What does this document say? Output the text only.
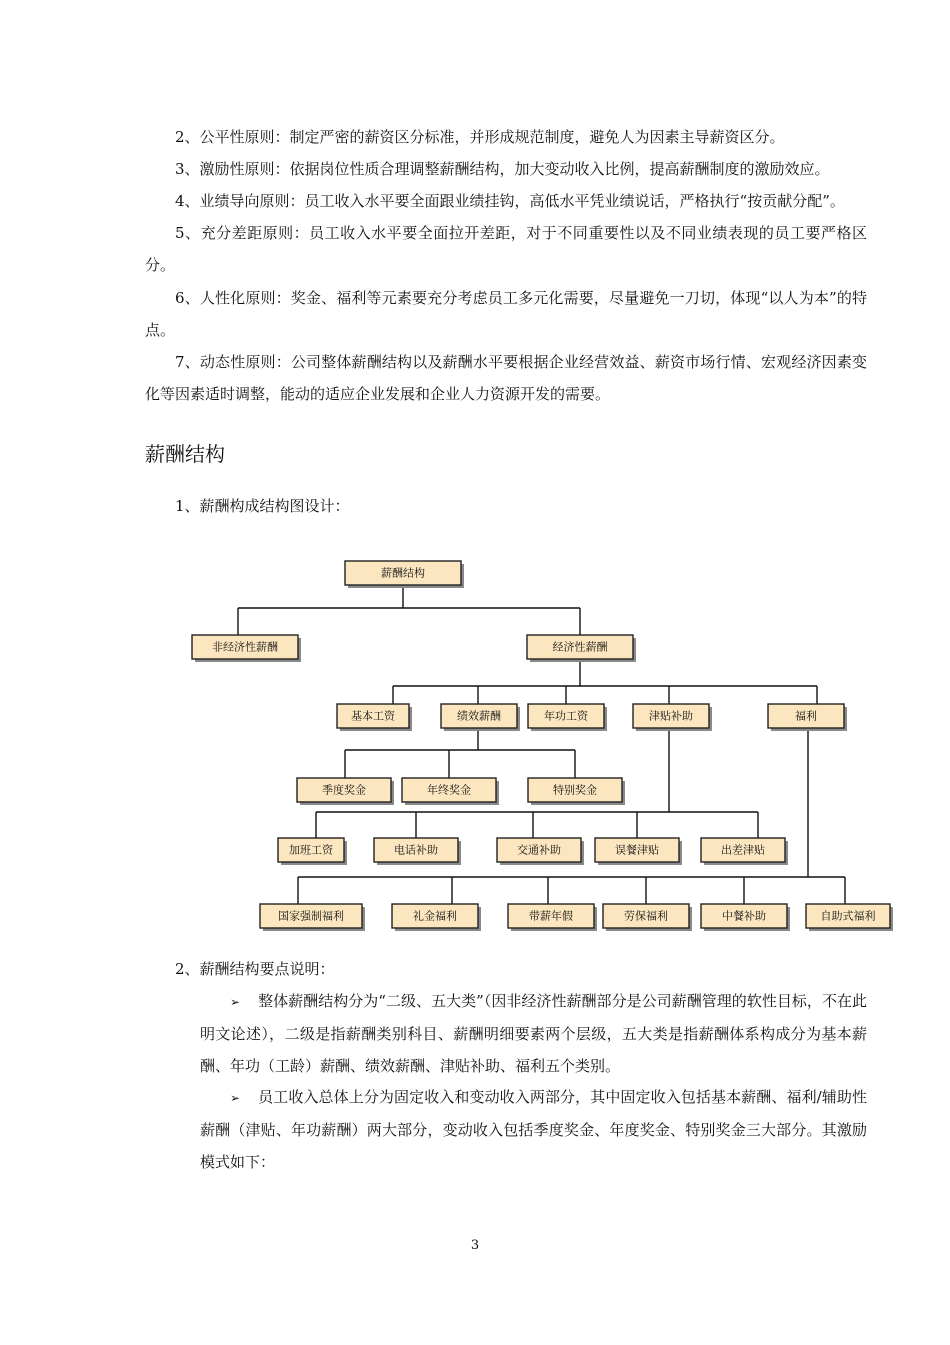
2、公平性原则：制定严密的薪资区分标准，并形成规范制度，避免人为因素主导薪资区分。

3、激励性原则：依据岗位性质合理调整薪酬结构，加大变动收入比例，提高薪酬制度的激励效应。

4、业绩导向原则：员工收入水平要全面跟业绩挂钩，高低水平凭业绩说话，严格执行“按贡献分配”。

5、充分差距原则：员工收入水平要全面拉开差距，对于不同重要性以及不同业绩表现的员工要严格区分。

6、人性化原则：奖金、福利等元素要充分考虑员工多元化需要，尽量避免一刀切，体现“以人为本”的特点。

7、动态性原则：公司整体薪酬结构以及薪酬水平要根据企业经营效益、薪资市场行情、宏观经济因素变化等因素适时调整，能动的适应企业发展和企业人力资源开发的需要。

薪酬结构

1、薪酬构成结构图设计：

薪酬结构
非经济性薪酬	经济性薪酬
基本工资	绩效薪酬	年功工资	津贴补助	福利
季度奖金	年终奖金	特别奖金
加班工资	电话补助	交通补助	误餐津贴	出差津贴
国家强制福利	礼金福利	带薪年假	劳保福利	中餐补助	自助式福利

2、薪酬结构要点说明：

➢ 整体薪酬结构分为“二级、五大类”（因非经济性薪酬部分是公司薪酬管理的软性目标，不在此明文论述），二级是指薪酬类别科目、薪酬明细要素两个层级，五大类是指薪酬体系构成分为基本薪酬、年功（工龄）薪酬、绩效薪酬、津贴补助、福利五个类别。

➢ 员工收入总体上分为固定收入和变动收入两部分，其中固定收入包括基本薪酬、福利/辅助性薪酬（津贴、年功薪酬）两大部分，变动收入包括季度奖金、年度奖金、特别奖金三大部分。其激励模式如下：

3
